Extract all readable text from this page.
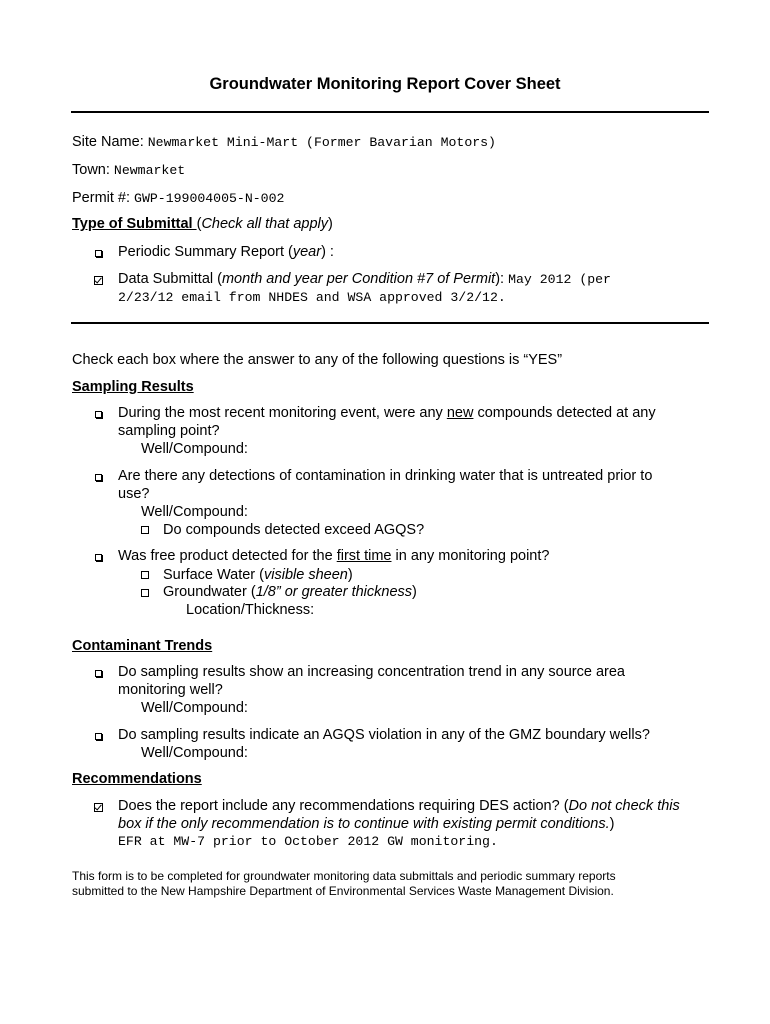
Groundwater Monitoring Report Cover Sheet
Site Name: Newmarket Mini-Mart (Former Bavarian Motors)
Town: Newmarket
Permit #: GWP-199004005-N-002
Type of Submittal (Check all that apply)
Periodic Summary Report (year) :
Data Submittal (month and year per Condition #7 of Permit): May 2012 (per
2/23/12 email from NHDES and WSA approved 3/2/12.
Check each box where the answer to any of the following questions is “YES”
Sampling Results
During the most recent monitoring event, were any new compounds detected at any
sampling point?
Well/Compound:
Are there any detections of contamination in drinking water that is untreated prior to
use?
Well/Compound:
Do compounds detected exceed AGQS?
Was free product detected for the first time in any monitoring point?
Surface Water (visible sheen)
Groundwater (1/8” or greater thickness)
Location/Thickness:
Contaminant Trends
Do sampling results show an increasing concentration trend in any source area
monitoring well?
Well/Compound:
Do sampling results indicate an AGQS violation in any of the GMZ boundary wells?
Well/Compound:
Recommendations
Does the report include any recommendations requiring DES action? (Do not check this
box if the only recommendation is to continue with existing permit conditions.)
EFR at MW-7 prior to October 2012 GW monitoring.
This form is to be completed for groundwater monitoring data submittals and periodic summary reports
submitted to the New Hampshire Department of Environmental Services Waste Management Division.
